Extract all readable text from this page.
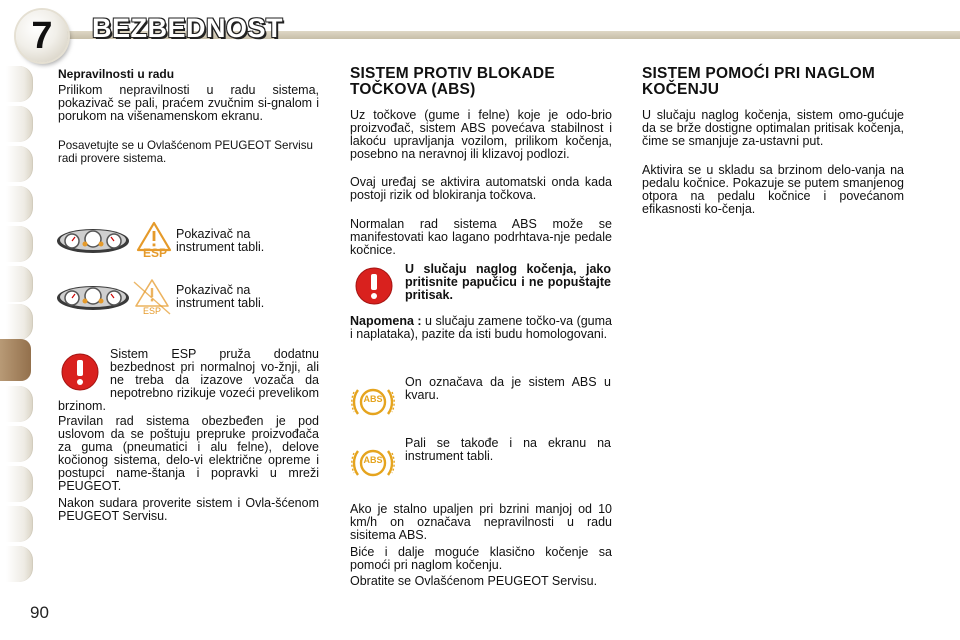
7	BEZBEDNOST
Nepravilnosti u radu
Prilikom nepravilnosti u radu sistema, pokazivač se pali, praćem zvučnim si-gnalom i porukom na višenamenskom ekranu.
Posavetujte se u Ovlašćenom PEUGEOT Servisu radi provere sistema.
ESP
Pokazivač na instrument tabli.
ESP
Pokazivač na instrument tabli.
Sistem ESP pruža dodatnu bezbednost pri normalnoj vo-žnji, ali ne treba da izazove vozača da nepotrebno rizikuje vozeći prevelikom brzinom.
Pravilan rad sistema obezbeđen je pod uslovom da se poštuju prepruke proizvođača za guma (pneumatici i alu felne), delove kočionog sistema, delo-vi električne opreme i postupci name-štanja i popravki u mreži PEUGEOT.
Nakon sudara proverite sistem i Ovla-šćenom PEUGEOT Servisu.
SISTEM PROTIV BLOKADE TOČKOVA (ABS)
Uz točkove (gume i felne) koje je odo-brio proizvođač, sistem ABS povećava stabilnost i lakoću upravljanja vozilom, prilikom kočenja, posebno na neravnoj ili klizavoj podlozi.
Ovaj uređaj se aktivira automatski onda kada postoji rizik od blokiranja točkova.
Normalan rad sistema ABS može se manifestovati kao lagano podrhtava-nje pedale kočnice.
U slučaju naglog kočenja, jako pritisnite papučicu i ne popuštajte pritisak.
Napomena : u slučaju zamene točko-va (guma i naplataka), pazite da isti budu homologovani.
ABS
On označava da je sistem ABS u kvaru.
ABS
Pali se takođe i na ekranu na instrument tabli.
Ako je stalno upaljen pri bzrini manjoj od 10 km/h on označava nepravilnosti u radu sisitema ABS.
Biće i dalje moguće klasično kočenje sa pomoći pri naglom kočenju.
Obratite se Ovlašćenom PEUGEOT Servisu.
SISTEM POMOĆI PRI NAGLOM KOČENJU
U slučaju naglog kočenja, sistem omo-gućuje da se brže dostigne optimalan pritisak kočenja, čime se smanjuje za-ustavni put.
Aktivira se u skladu sa brzinom delo-vanja na pedalu kočnice. Pokazuje se putem smanjenog otpora na pedalu kočnice i povećanom efikasnosti ko-čenja.
90
